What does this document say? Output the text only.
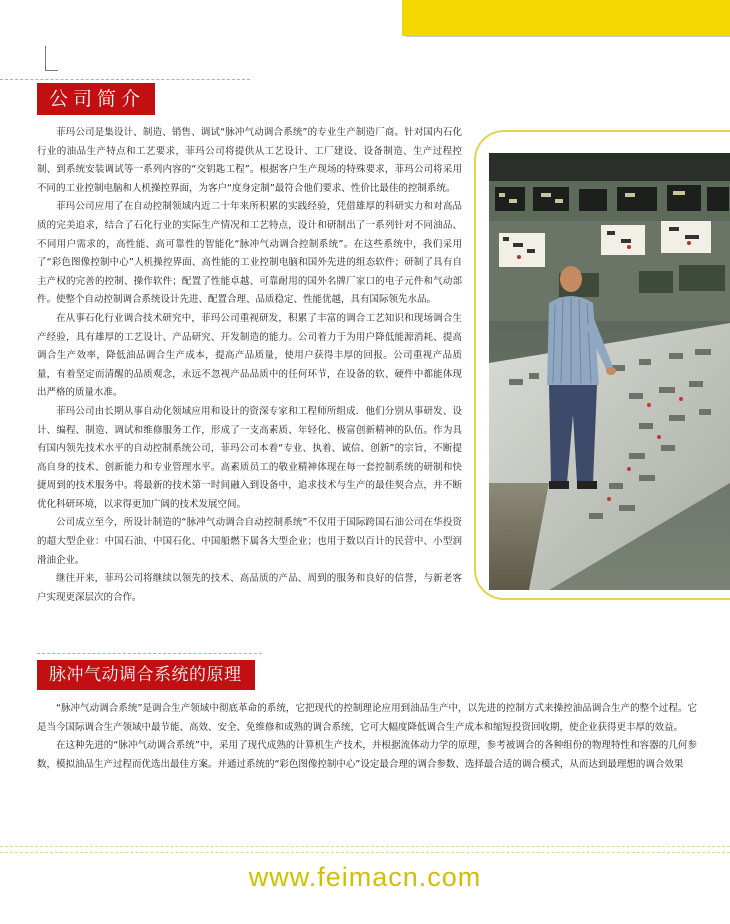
公司简介

菲玛公司是集设计、制造、销售、调试“脉冲气动调合系统”的专业生产制造厂商。针对国内石化行业的油品生产特点和工艺要求，菲玛公司将提供从工艺设计、工厂建设、设备制造、生产过程控制、到系统安装调试等一系列内容的“交钥匙工程”。根据客户生产现场的特殊要求，菲玛公司将采用不同的工业控制电脑和人机操控界面，为客户“度身定制”最符合他们要求、性价比最佳的控制系统。

菲玛公司应用了在自动控制领域内近二十年来所积累的实践经验，凭借雄厚的科研实力和对高品质的完美追求，结合了石化行业的实际生产情况和工艺特点，设计和研制出了一系列针对不同油品、不同用户需求的，高性能、高可靠性的智能化“脉冲气动调合控制系统”。在这些系统中，我们采用了“彩色图像控制中心”人机操控界面、高性能的工业控制电脑和国外先进的组态软件；研制了具有自主产权的完善的控制、操作软件；配置了性能卓越、可靠耐用的国外名牌厂家口的电子元件和气动部件。使整个自动控制调合系统设计先进、配置合理、品质稳定、性能优越，具有国际领先水品。

在从事石化行业调合技术研究中，菲玛公司重视研发，积累了丰富的调合工艺知识和现场调合生产经验，具有雄厚的工艺设计、产品研究、开发制造的能力。公司着力于为用户降低能源消耗、提高调合生产效率，降低油品调合生产成本，提高产品质量，使用户获得丰厚的回报。公司重视产品质量，有着坚定而清醒的品质观念，永远不忽视产品品质中的任何环节，在设备的软、硬件中都能体现出严格的质量水准。

菲玛公司由长期从事自动化领域应用和设计的资深专家和工程师所组成．他们分别从事研发、设计、编程、制造、调试和维修服务工作，形成了一支高素质、年轻化、极富创新精神的队伍。作为具有国内领先技术水平的自动控制系统公司，菲玛公司本着“专业、执着、诚信、创新”的宗旨，不断提高自身的技术、创新能力和专业管理水平。高素质员工的敬业精神体现在每一套控制系统的研制和快捷周到的技术服务中。将最新的技术第一时间融入到设备中，追求技术与生产的最佳契合点，并不断优化科研环境，以求得更加广阔的技术发展空间。

公司成立至今，所设计制造的“脉冲气动调合自动控制系统”不仅用于国际跨国石油公司在华投资的超大型企业：中国石油、中国石化、中国船燃下属各大型企业；也用于数以百计的民营中、小型润滑油企业。

继往开来，菲玛公司将继续以领先的技术、高品质的产品、周到的服务和良好的信誉，与新老客户实现更深层次的合作。

脉冲气动调合系统的原理

“脉冲气动调合系统”是调合生产领域中彻底革命的系统，它把现代的控制理论应用到油品生产中，以先进的控制方式来操控油品调合生产的整个过程。它是当今国际调合生产领域中最节能、高效、安全、免维修和成熟的调合系统，它可大幅度降低调合生产成本和缩短投资回收期，使企业获得更丰厚的效益。

在这种先进的“脉冲气动调合系统”中，采用了现代成熟的计算机生产技术，并根据流体动力学的原理，参考被调合的各种组份的物理特性和容器的几何参数，模拟油品生产过程而优选出最佳方案。并通过系统的“彩色图像控制中心”设定最合理的调合参数、选择最合适的调合模式，从而达到最理想的调合效果

www.feimacn.com
